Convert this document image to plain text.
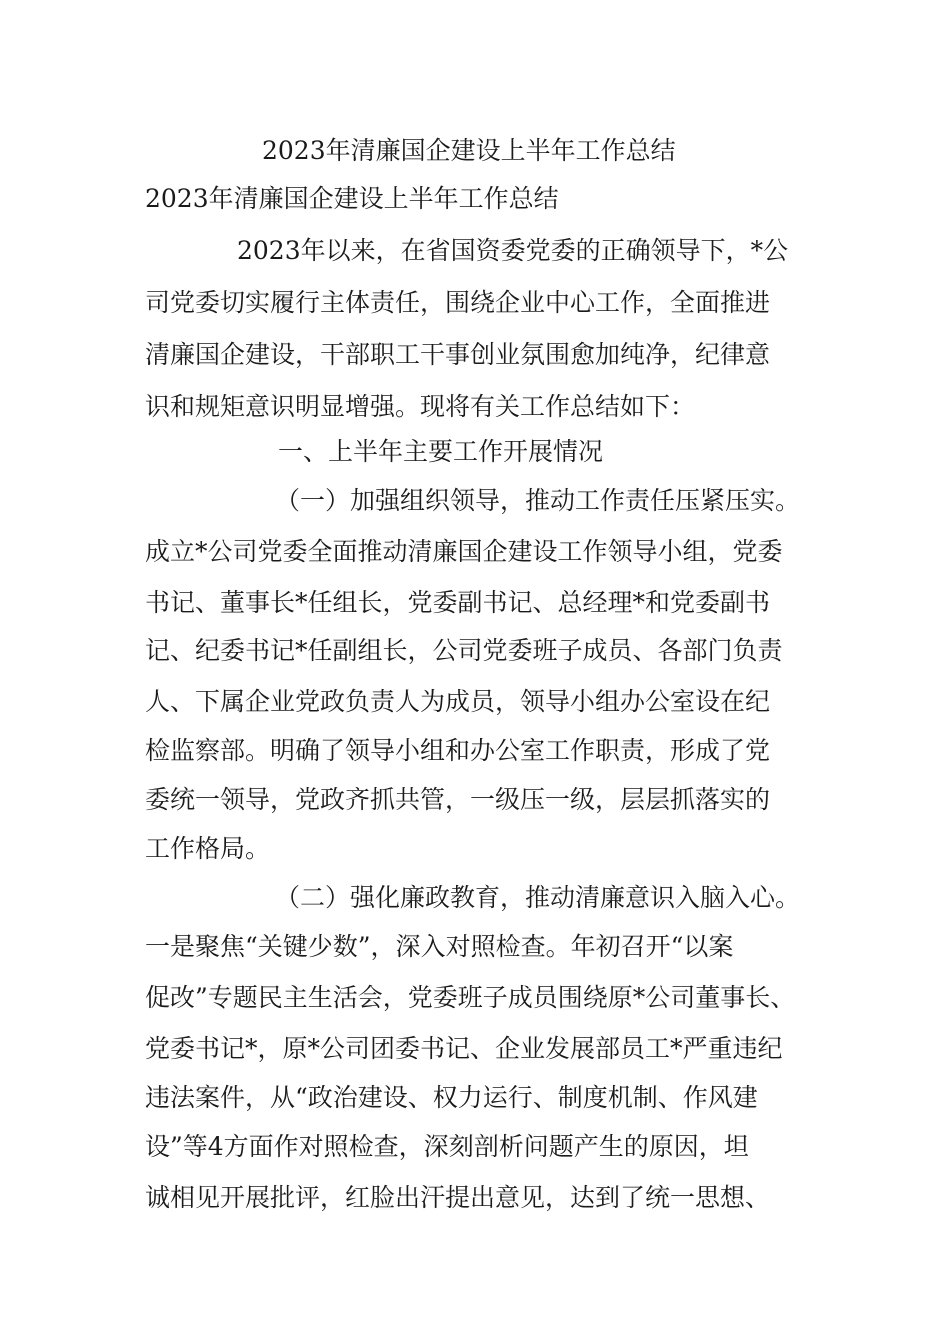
2023年清廉国企建设上半年工作总结

2023年清廉国企建设上半年工作总结

2023年以来，在省国资委党委的正确领导下，*公

司党委切实履行主体责任，围绕企业中心工作，全面推进

清廉国企建设，干部职工干事创业氛围愈加纯净，纪律意

识和规矩意识明显增强。现将有关工作总结如下：

一、上半年主要工作开展情况

（一）加强组织领导，推动工作责任压紧压实。

成立*公司党委全面推动清廉国企建设工作领导小组，党委

书记、董事长*任组长，党委副书记、总经理*和党委副书

记、纪委书记*任副组长，公司党委班子成员、各部门负责

人、下属企业党政负责人为成员，领导小组办公室设在纪

检监察部。明确了领导小组和办公室工作职责，形成了党

委统一领导，党政齐抓共管，一级压一级，层层抓落实的

工作格局。

（二）强化廉政教育，推动清廉意识入脑入心。

一是聚焦“关键少数”，深入对照检查。年初召开“以案

促改”专题民主生活会，党委班子成员围绕原*公司董事长、

党委书记*，原*公司团委书记、企业发展部员工*严重违纪

违法案件，从“政治建设、权力运行、制度机制、作风建

设”等4方面作对照检查，深刻剖析问题产生的原因，坦

诚相见开展批评，红脸出汗提出意见，达到了统一思想、
